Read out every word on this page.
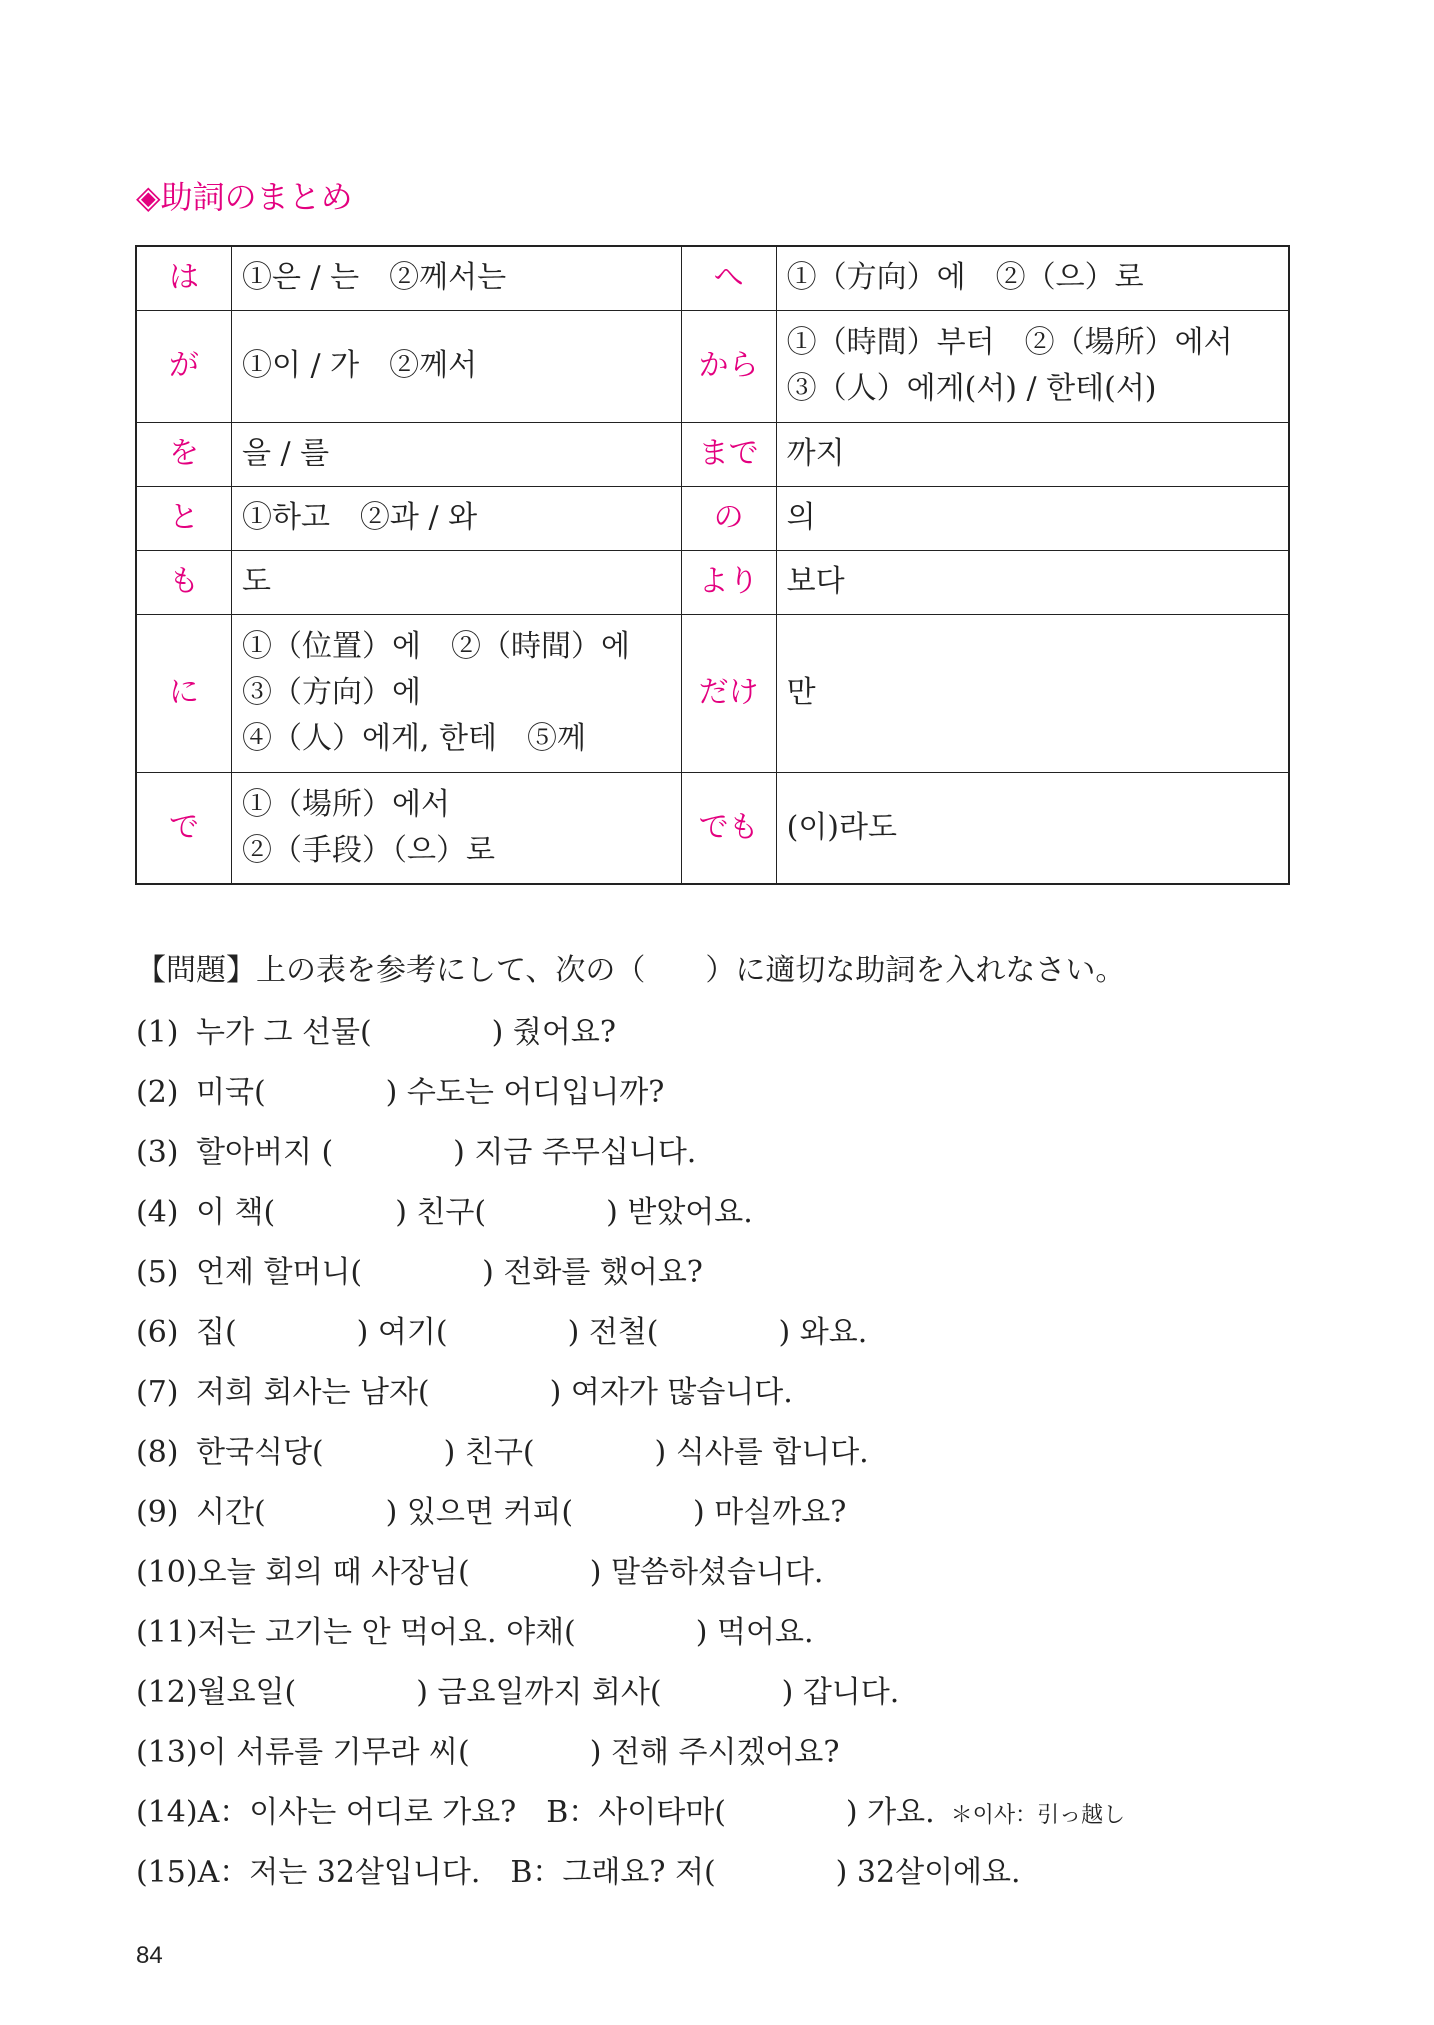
◈助詞のまとめ
は	①은 / 는　②께서는	へ	①（方向）에　②（으）로

が	①이 / 가　②께서	から	①（時間）부터　②（場所）에서
③（人）에게(서) / 한테(서)

を	을 / 를	まで	까지

と	①하고　②과 / 와	の	의

も	도	より	보다

に	①（位置）에　②（時間）에
③（方向）에
④（人）에게, 한테　⑤께	だけ	만

で	①（場所）에서
②（手段）（으）로	でも	(이)라도
【問題】上の表を参考にして、次の（　　）に適切な助詞を入れなさい。
(1) 누가 그 선물(　　　　) 줬어요?
(2) 미국(　　　　) 수도는 어디입니까?
(3) 할아버지 (　　　　) 지금 주무십니다.
(4) 이 책(　　　　) 친구(　　　　) 받았어요.
(5) 언제 할머니(　　　　) 전화를 했어요?
(6) 집(　　　　) 여기(　　　　) 전철(　　　　) 와요.
(7) 저희 회사는 남자(　　　　) 여자가 많습니다.
(8) 한국식당(　　　　) 친구(　　　　) 식사를 합니다.
(9) 시간(　　　　) 있으면 커피(　　　　) 마실까요?
(10)오늘 회의 때 사장님(　　　　) 말씀하셨습니다.
(11)저는 고기는 안 먹어요. 야채(　　　　) 먹어요.
(12)월요일(　　　　) 금요일까지 회사(　　　　) 갑니다.
(13)이 서류를 기무라 씨(　　　　) 전해 주시겠어요?
(14)A：이사는 어디로 가요?　B：사이타마(　　　　) 가요. ＊이사：引っ越し
(15)A：저는 32살입니다.　B：그래요? 저(　　　　) 32살이에요.
84
